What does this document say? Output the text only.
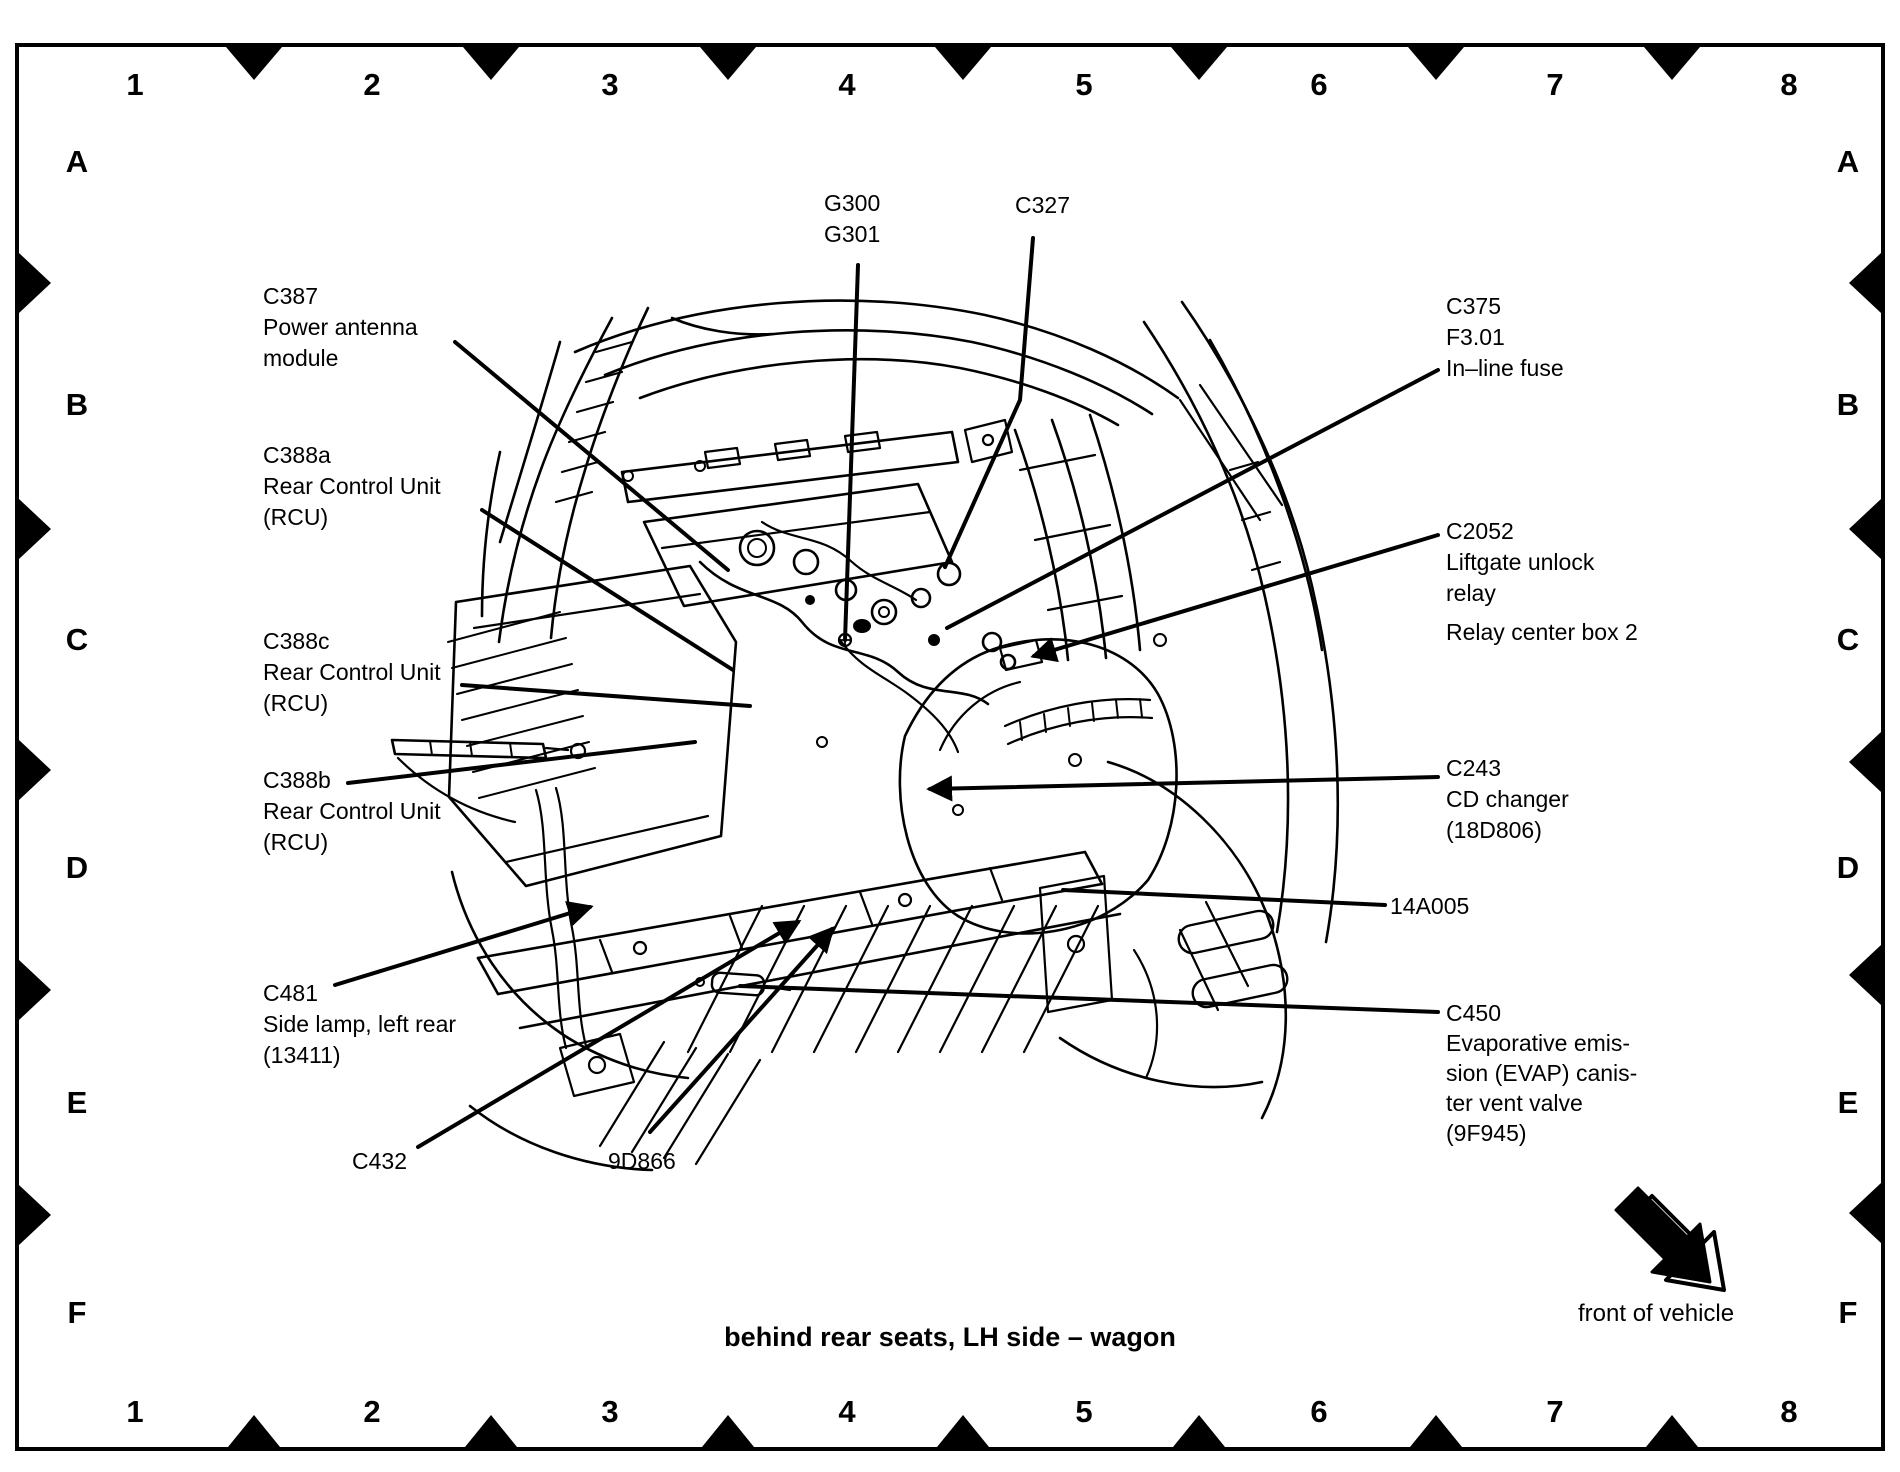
1	2	3	4	5	6	7	8
1	2	3	4	5	6	7	8
A
B
C
D
E
F
A
B
C
D
E
F
C387
Power antenna
module
C388a
Rear Control Unit
(RCU)
C388c
Rear Control Unit
(RCU)
C388b
Rear Control Unit
(RCU)
C481
Side lamp, left rear
(13411)
C432	9D866
G300
G301
C327
C375
F3.01
In–line fuse
C2052
Liftgate unlock
relay
Relay center box 2
C243
CD changer
(18D806)
14A005
C450
Evaporative emis-
sion (EVAP) canis-
ter vent valve
(9F945)
behind rear seats, LH side – wagon
front of vehicle
